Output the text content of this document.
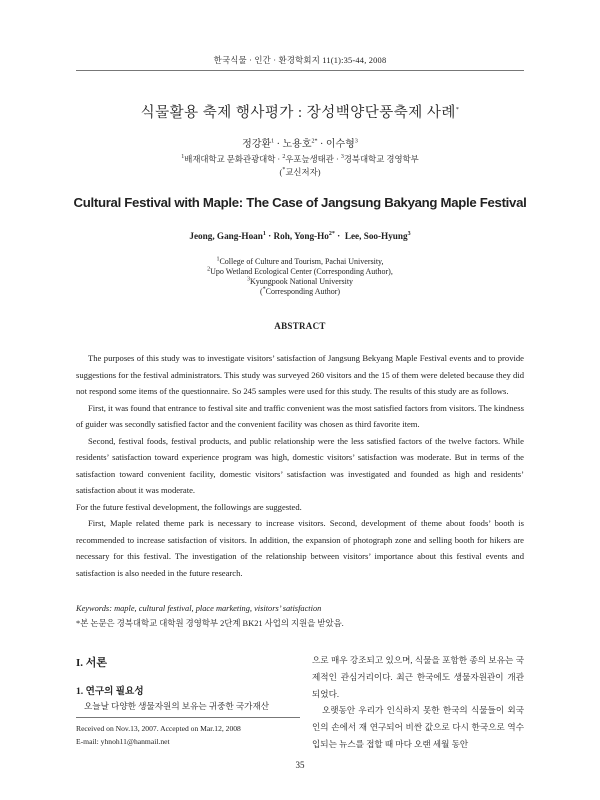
한국식물 · 인간 · 환경학회지 11(1):35-44, 2008
식물활용 축제 행사평가 : 장성백양단풍축제 사례*
정강환$^1$ · 노용호$^{2*}$ · 이수형$^3$
$^1$배재대학교 문화관광대학 · $^2$우포늪생태관 · $^3$경북대학교 경영학부
(*교신저자)
Cultural Festival with Maple: The Case of Jangsung Bakyang Maple Festival
Jeong, Gang-Hoan$^1$ · Roh, Yong-$Ho^{2*}$ ·  Lee, Soo-Hyung$^3$
$^1$College of Culture and Tourism, Pachai University,
$^2$Upo Wetland Ecological Center (Corresponding Author),
$^3$Kyungpook National University
(*Corresponding Author)
ABSTRACT

The purposes of this study was to investigate visitors’ satisfaction of Jangsung Bekyang Maple Festival events and to provide suggestions for the festival administrators. This study was surveyed 260 visitors and the 15 of them were deleted because they did not respond some items of the questionnaire. So 245 samples were used for this study. The results of this study are as follows.

First, it was found that entrance to festival site and traffic convenient was the most satisfied factors from visitors. The kindness of guider was secondly satisfied factor and the convenient facility was chosen as third favorite item.

Second, festival foods, festival products, and public relationship were the less satisfied factors of the twelve factors. While residents’ satisfaction toward experience program was high, domestic visitors’ satisfaction was moderate. But in terms of the satisfaction toward convenient facility, domestic visitors’ satisfaction was investigated and founded as high and residents’ satisfaction about it was moderate.

For the future festival development, the followings are suggested.

First, Maple related theme park is necessary to increase visitors. Second, development of theme about foods’ booth is recommended to increase satisfaction of visitors. In addition, the expansion of photograph zone and selling booth for hikers are necessary for this festival. The investigation of the relationship between visitors’ importance about this festival events and satisfaction is also needed in the future research.

Keywords: maple, cultural festival, place marketing, visitors’ satisfaction
*본 논문은 경북대학교 대학원 경영학부 2단계 BK21 사업의 지원을 받았음.
I. 서론
1. 연구의 필요성
오늘날 다양한 생물자원의 보유는 귀중한 국가재산
Received on Nov.13, 2007. Accepted on Mar.12, 2008
E-mail: yhnoh11@hanmail.net

으로 매우 강조되고 있으며, 식물을 포함한 종의 보유는 국제적인 관심거리이다. 최근 한국에도 생물자원관이 개관되었다.

오랫동안 우리가 인식하지 못한 한국의 식물들이 외국인의 손에서 재 연구되어 비싼 값으로 다시 한국으로 역수입되는 뉴스를 접할 때 마다 오랜 세월 동안

35
